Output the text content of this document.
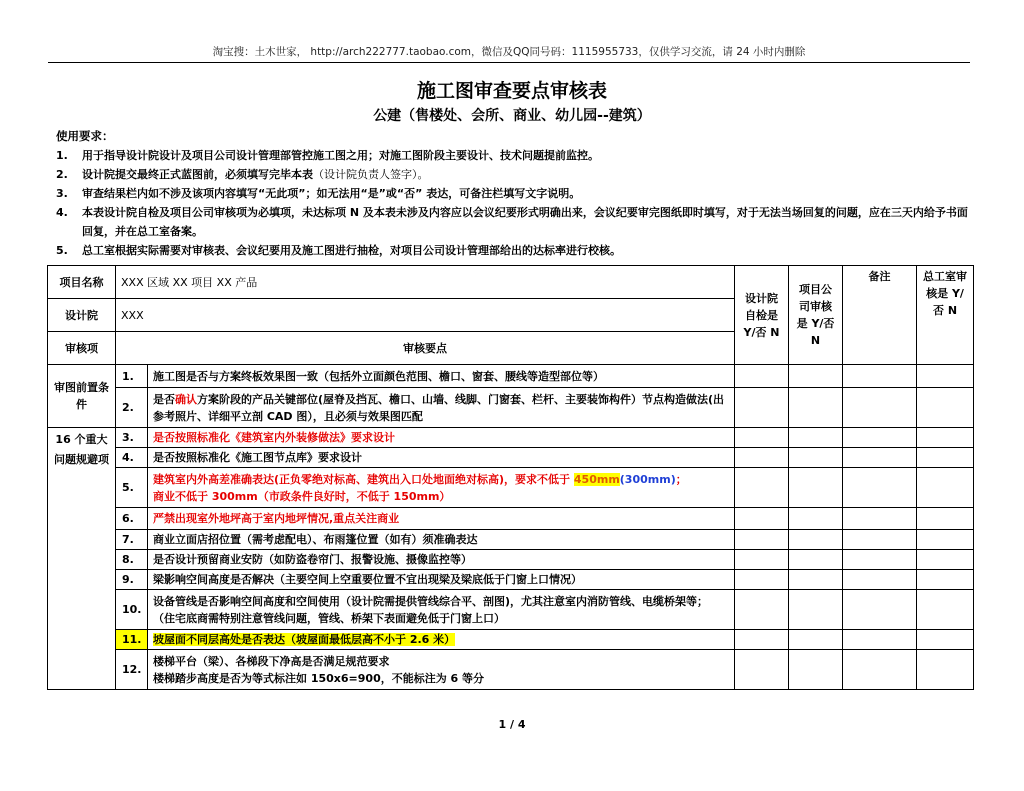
淘宝搜：土木世家， http://arch222777.taobao.com，微信及QQ同号码：1115955733，仅供学习交流，请 24 小时内删除
施工图审查要点审核表
公建（售楼处、会所、商业、幼儿园--建筑）
使用要求：
1. 用于指导设计院设计及项目公司设计管理部管控施工图之用；对施工图阶段主要设计、技术问题提前监控。
2. 设计院提交最终正式蓝图前，必须填写完毕本表（设计院负责人签字）。
3. 审查结果栏内如不涉及该项内容填写“无此项”；如无法用“是”或“否” 表达，可备注栏填写文字说明。
4. 本表设计院自检及项目公司审核项为必填项，未达标项 N 及本表未涉及内容应以会议纪要形式明确出来，会议纪要审完图纸即时填写，对于无法当场回复的问题，应在三天内给予书面回复，并在总工室备案。
5. 总工室根据实际需要对审核表、会议纪要用及施工图进行抽检，对项目公司设计管理部给出的达标率进行校核。
项目名称	XXX 区域 XX 项目 XX 产品		设计院自检是 Y/否 N	项目公司审核是 Y/否 N	备注	总工室审核是 Y/否 N
设计院	XXX					
审核项	审核要点					
审图前置条件	1.	施工图是否与方案终板效果图一致（包括外立面颜色范围、檐口、窗套、腰线等造型部位等）				
	2.	是否确认方案阶段的产品关键部位(屋脊及挡瓦、檐口、山墙、线脚、门窗套、栏杆、主要装饰构件）节点构造做法(出参考照片、详细平立剖 CAD 图），且必须与效果图匹配				
16 个重大问题规避项	3.	是否按照标准化《建筑室内外装修做法》要求设计				
	4.	是否按照标准化《施工图节点库》要求设计				
	5.	建筑室内外高差准确表达(正负零绝对标高、建筑出入口处地面绝对标高)，要求不低于 450mm(300mm)；
商业不低于 300mm（市政条件良好时，不低于 150mm）				
	6.	严禁出现室外地坪高于室内地坪情况,重点关注商业				
	7.	商业立面店招位置（需考虑配电）、布雨篷位置（如有）须准确表达				
	8.	是否设计预留商业安防（如防盗卷帘门、报警设施、摄像监控等）				
	9.	梁影响空间高度是否解决（主要空间上空重要位置不宜出现梁及梁底低于门窗上口情况）				
	10.	设备管线是否影响空间高度和空间使用（设计院需提供管线综合平、剖图)，尤其注意室内消防管线、电缆桥架等； （住宅底商需特别注意管线问题，管线、桥架下表面避免低于门窗上口）				
	11.	坡屋面不同层高处是否表达（坡屋面最低层高不小于 2.6 米）				
	12.	楼梯平台（梁）、各梯段下净高是否满足规范要求
楼梯踏步高度是否为等式标注如 150x6=900，不能标注为 6 等分				
1 / 4
